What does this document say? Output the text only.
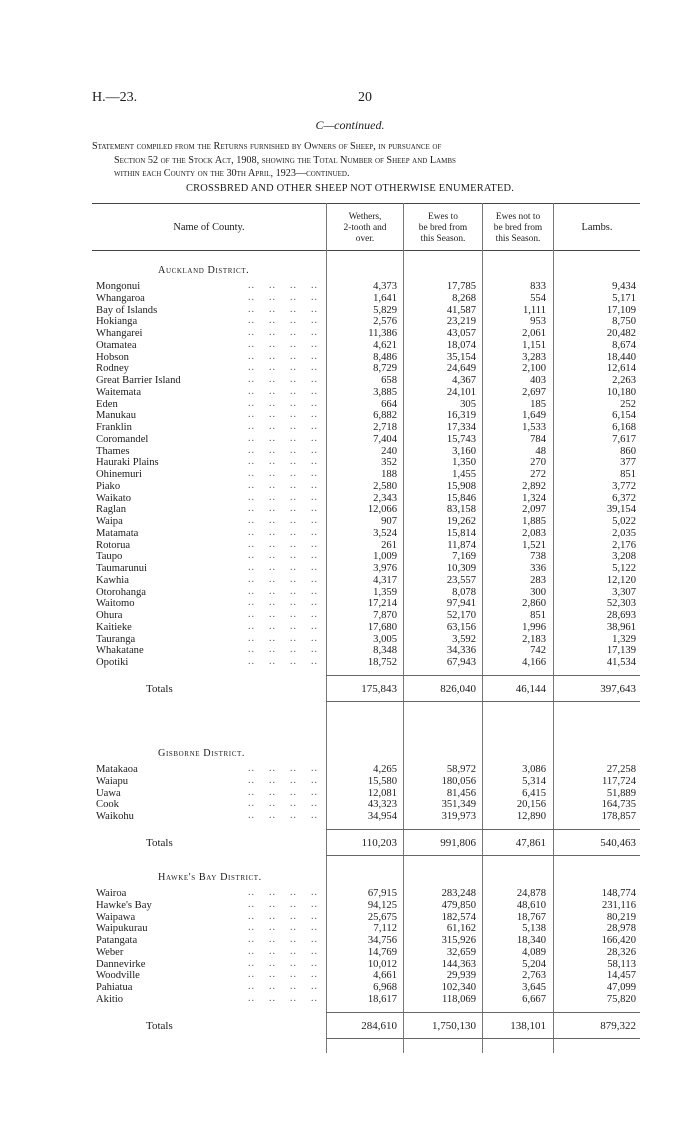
H.—23.	20
C—continued.
Statement compiled from the Returns furnished by Owners of Sheep, in pursuance of
Section 52 of the Stock Act, 1908, showing the Total Number of Sheep and Lambs
within each County on the 30th April, 1923—continued.
CROSSBRED AND OTHER SHEEP NOT OTHERWISE ENUMERATED.
Name of County.
Wethers,
2-tooth and
over.
Ewes to
be bred from
this Season.
Ewes not to
be bred from
this Season.
Lambs.
Auckland District.
Mongonui	..    ..    ..    ..	4,373	17,785	833	9,434
Whangaroa	..    ..    ..    ..	1,641	8,268	554	5,171
Bay of Islands	..    ..    ..    ..	5,829	41,587	1,111	17,109
Hokianga	..    ..    ..    ..	2,576	23,219	953	8,750
Whangarei	..    ..    ..    ..	11,386	43,057	2,061	20,482
Otamatea	..    ..    ..    ..	4,621	18,074	1,151	8,674
Hobson	..    ..    ..    ..	8,486	35,154	3,283	18,440
Rodney	..    ..    ..    ..	8,729	24,649	2,100	12,614
Great Barrier Island	..    ..    ..    ..	658	4,367	403	2,263
Waitemata	..    ..    ..    ..	3,885	24,101	2,697	10,180
Eden	..    ..    ..    ..	664	305	185	252
Manukau	..    ..    ..    ..	6,882	16,319	1,649	6,154
Franklin	..    ..    ..    ..	2,718	17,334	1,533	6,168
Coromandel	..    ..    ..    ..	7,404	15,743	784	7,617
Thames	..    ..    ..    ..	240	3,160	48	860
Hauraki Plains	..    ..    ..    ..	352	1,350	270	377
Ohinemuri	..    ..    ..    ..	188	1,455	272	851
Piako	..    ..    ..    ..	2,580	15,908	2,892	3,772
Waikato	..    ..    ..    ..	2,343	15,846	1,324	6,372
Raglan	..    ..    ..    ..	12,066	83,158	2,097	39,154
Waipa	..    ..    ..    ..	907	19,262	1,885	5,022
Matamata	..    ..    ..    ..	3,524	15,814	2,083	2,035
Rotorua	..    ..    ..    ..	261	11,874	1,521	2,176
Taupo	..    ..    ..    ..	1,009	7,169	738	3,208
Taumarunui	..    ..    ..    ..	3,976	10,309	336	5,122
Kawhia	..    ..    ..    ..	4,317	23,557	283	12,120
Otorohanga	..    ..    ..    ..	1,359	8,078	300	3,307
Waitomo	..    ..    ..    ..	17,214	97,941	2,860	52,303
Ohura	..    ..    ..    ..	7,870	52,170	851	28,693
Kaitieke	..    ..    ..    ..	17,680	63,156	1,996	38,961
Tauranga	..    ..    ..    ..	3,005	3,592	2,183	1,329
Whakatane	..    ..    ..    ..	8,348	34,336	742	17,139
Opotiki	..    ..    ..    ..	18,752	67,943	4,166	41,534
Totals	175,843	826,040	46,144	397,643
Gisborne District.
Matakaoa	..    ..    ..    ..	4,265	58,972	3,086	27,258
Waiapu	..    ..    ..    ..	15,580	180,056	5,314	117,724
Uawa	..    ..    ..    ..	12,081	81,456	6,415	51,889
Cook	..    ..    ..    ..	43,323	351,349	20,156	164,735
Waikohu	..    ..    ..    ..	34,954	319,973	12,890	178,857
Totals	110,203	991,806	47,861	540,463
Hawke's Bay District.
Wairoa	..    ..    ..    ..	67,915	283,248	24,878	148,774
Hawke's Bay	..    ..    ..    ..	94,125	479,850	48,610	231,116
Waipawa	..    ..    ..    ..	25,675	182,574	18,767	80,219
Waipukurau	..    ..    ..    ..	7,112	61,162	5,138	28,978
Patangata	..    ..    ..    ..	34,756	315,926	18,340	166,420
Weber	..    ..    ..    ..	14,769	32,659	4,089	28,326
Dannevirke	..    ..    ..    ..	10,012	144,363	5,204	58,113
Woodville	..    ..    ..    ..	4,661	29,939	2,763	14,457
Pahiatua	..    ..    ..    ..	6,968	102,340	3,645	47,099
Akitio	..    ..    ..    ..	18,617	118,069	6,667	75,820
Totals	284,610	1,750,130	138,101	879,322
